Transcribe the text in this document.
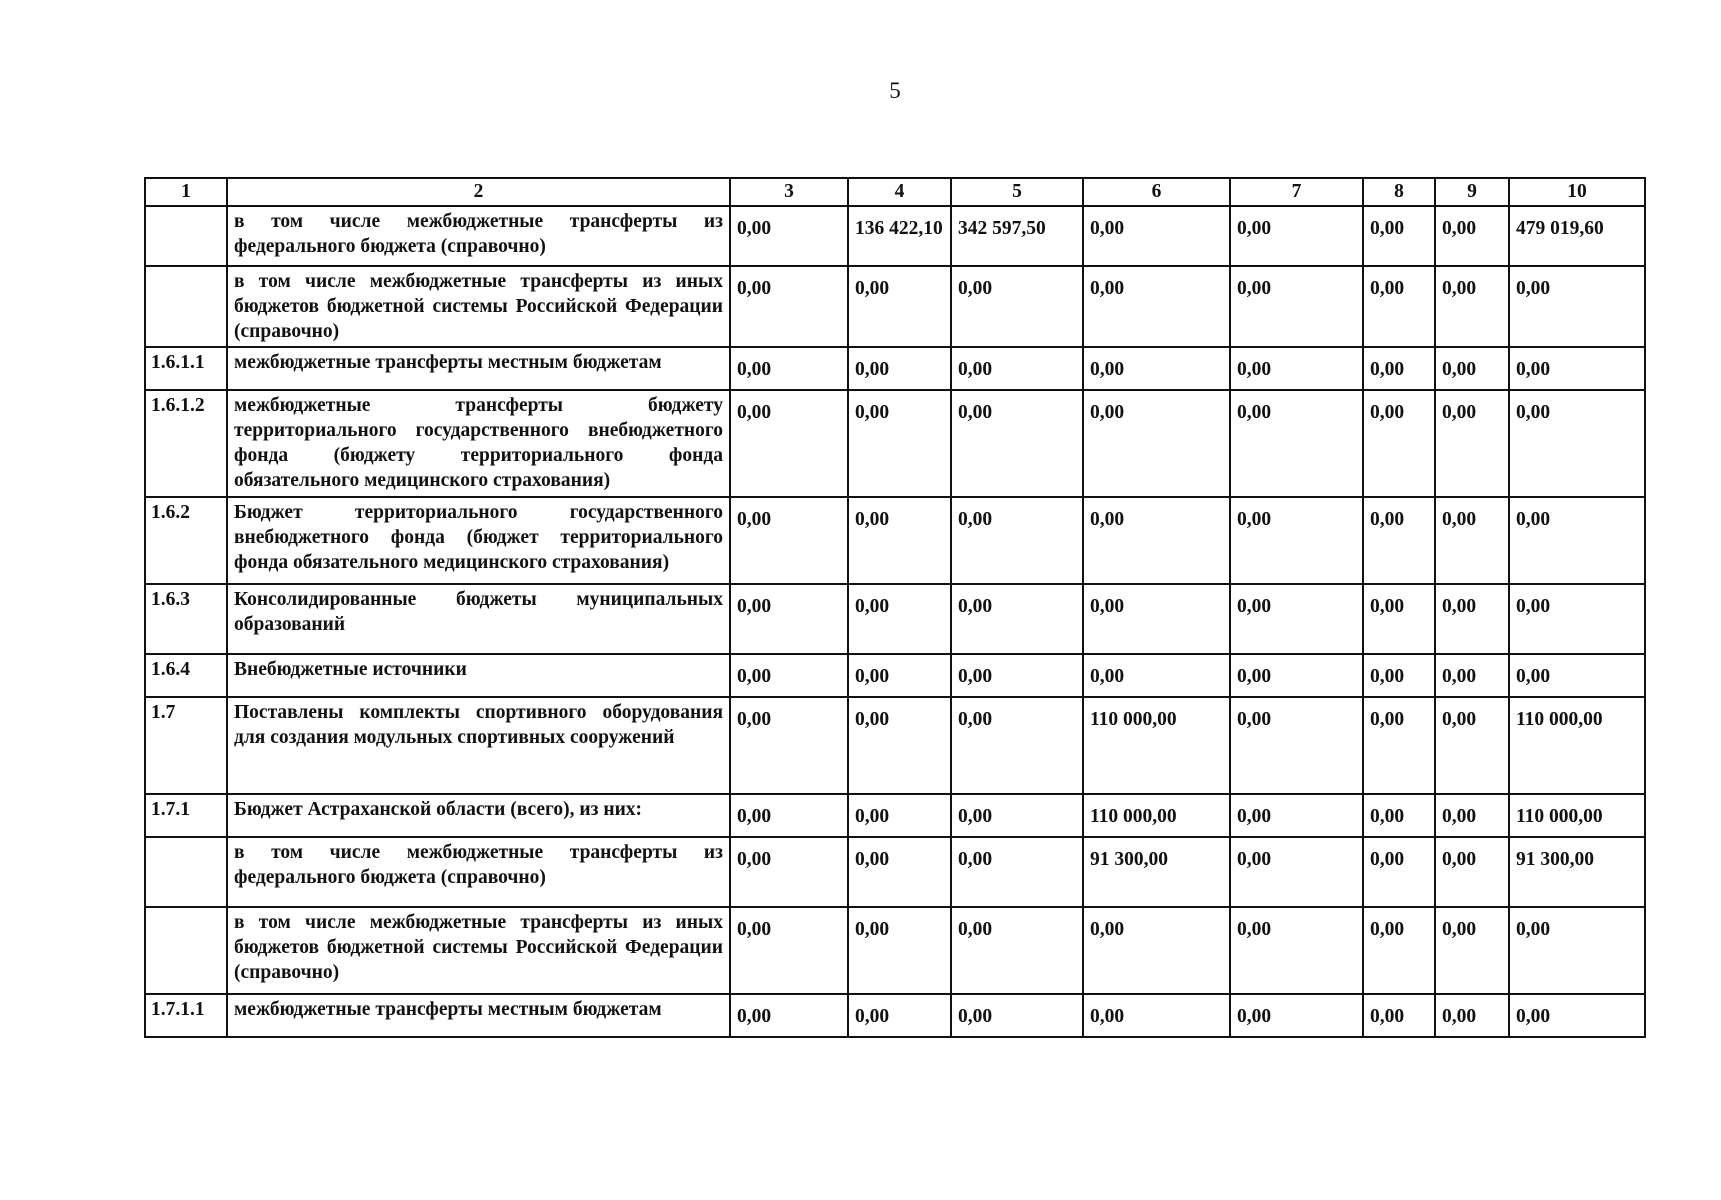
5
1	2	3	4	5	6	7	8	9	10
	в том числе межбюджетные трансферты из федерального бюджета (справочно)	0,00	136 422,10	342 597,50	0,00	0,00	0,00	0,00	479 019,60
	в том числе межбюджетные трансферты из иных бюджетов бюджетной системы Российской Федерации (справочно)	0,00	0,00	0,00	0,00	0,00	0,00	0,00	0,00
1.6.1.1	межбюджетные трансферты местным бюджетам	0,00	0,00	0,00	0,00	0,00	0,00	0,00	0,00
1.6.1.2	межбюджетные трансферты бюджету территориального государственного внебюджетного фонда (бюджету территориального фонда обязательного медицинского страхования)	0,00	0,00	0,00	0,00	0,00	0,00	0,00	0,00
1.6.2	Бюджет территориального государственного внебюджетного фонда (бюджет территориального фонда обязательного медицинского страхования)	0,00	0,00	0,00	0,00	0,00	0,00	0,00	0,00
1.6.3	Консолидированные бюджеты муниципальных образований	0,00	0,00	0,00	0,00	0,00	0,00	0,00	0,00
1.6.4	Внебюджетные источники	0,00	0,00	0,00	0,00	0,00	0,00	0,00	0,00
1.7	Поставлены комплекты спортивного оборудования для создания модульных спортивных сооружений	0,00	0,00	0,00	110 000,00	0,00	0,00	0,00	110 000,00
1.7.1	Бюджет Астраханской области (всего), из них:	0,00	0,00	0,00	110 000,00	0,00	0,00	0,00	110 000,00
	в том числе межбюджетные трансферты из федерального бюджета (справочно)	0,00	0,00	0,00	91 300,00	0,00	0,00	0,00	91 300,00
	в том числе межбюджетные трансферты из иных бюджетов бюджетной системы Российской Федерации (справочно)	0,00	0,00	0,00	0,00	0,00	0,00	0,00	0,00
1.7.1.1	межбюджетные трансферты местным бюджетам	0,00	0,00	0,00	0,00	0,00	0,00	0,00	0,00
